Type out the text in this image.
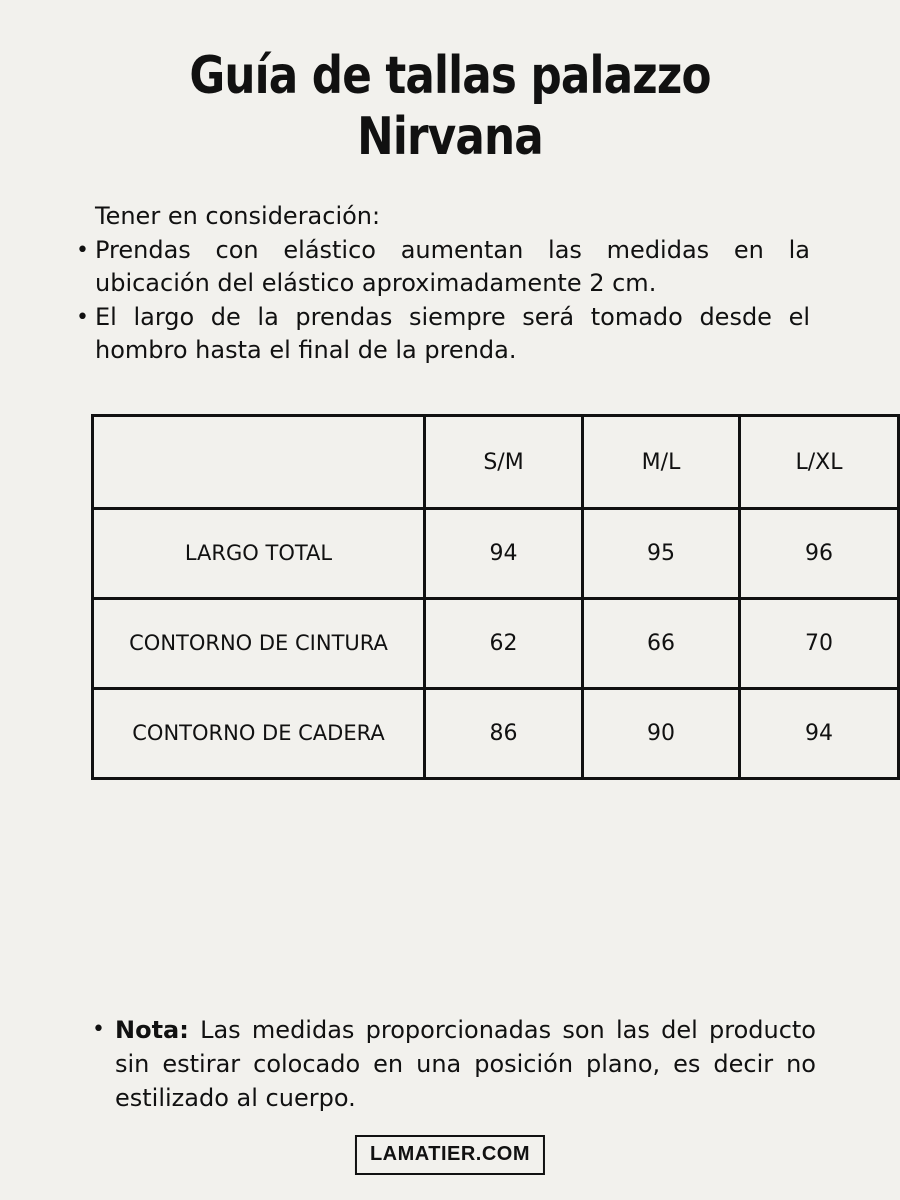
Guía de tallas palazzo
Nirvana

Tener en consideración:

• Prendas con elástico aumentan las medidas en la ubicación del elástico aproximadamente 2 cm.
• El largo de la prendas siempre será tomado desde el hombro hasta el final de la prenda.
	S/M	M/L	L/XL
LARGO TOTAL	94	95	96
CONTORNO DE CINTURA	62	66	70
CONTORNO DE CADERA	86	90	94
• Nota: Las medidas proporcionadas son las del producto sin estirar colocado en una posición plano, es decir no estilizado al cuerpo.
LAMATIER.COM
